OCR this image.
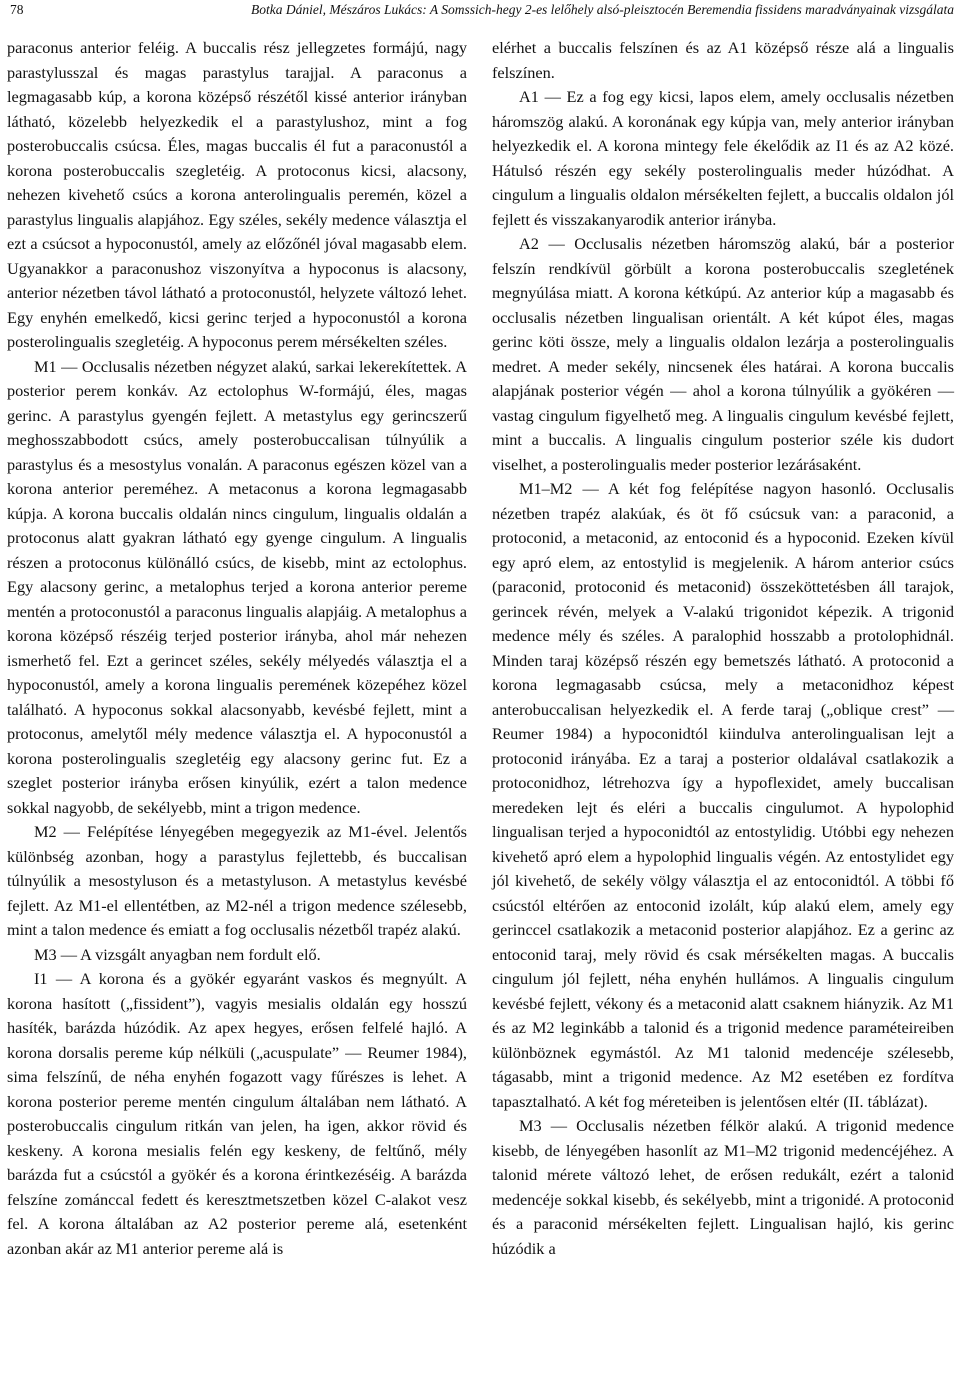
78	Botka Dániel, Mészáros Lukács: A Somssich-hegy 2-es lelőhely alsó-pleisztocén Beremendia fissidens maradványainak vizsgálata

paraconus anterior feléig. A buccalis rész jellegzetes formájú, nagy parastylusszal és magas parastylus tarajjal. A paraconus a legmagasabb kúp, a korona középső részétől kissé anterior irányban látható, közelebb helyezkedik el a parastylushoz, mint a fog posterobuccalis csúcsa. Éles, magas buccalis él fut a paraconustól a korona posterobuccalis szegletéig. A protoconus kicsi, alacsony, nehezen kivehető csúcs a korona anterolingualis peremén, közel a parastylus lingualis alapjához. Egy széles, sekély medence választja el ezt a csúcsot a hypoconustól, amely az előzőnél jóval magasabb elem. Ugyanakkor a paraconushoz viszonyítva a hypoconus is alacsony, anterior nézetben távol látható a protoconustól, helyzete változó lehet. Egy enyhén emelkedő, kicsi gerinc terjed a hypoconustól a korona posterolingualis szegletéig. A hypoconus perem mérsékelten széles.

M1 — Occlusalis nézetben négyzet alakú, sarkai lekerekítettek. A posterior perem konkáv. Az ectolophus W-formájú, éles, magas gerinc. A parastylus gyengén fejlett. A metastylus egy gerincszerű meghosszabbodott csúcs, amely posterobuccalisan túlnyúlik a parastylus és a mesostylus vonalán. A paraconus egészen közel van a korona anterior pereméhez. A metaconus a korona legmagasabb kúpja. A korona buccalis oldalán nincs cingulum, lingualis oldalán a protoconus alatt gyakran látható egy gyenge cingulum. A lingualis részen a protoconus különálló csúcs, de kisebb, mint az ectolophus. Egy alacsony gerinc, a metalophus terjed a korona anterior pereme mentén a protoconustól a paraconus lingualis alapjáig. A metalophus a korona középső részéig terjed posterior irányba, ahol már nehezen ismerhető fel. Ezt a gerincet széles, sekély mélyedés választja el a hypoconustól, amely a korona lingualis peremének közepéhez közel található. A hypoconus sokkal alacsonyabb, kevésbé fejlett, mint a protoconus, amelytől mély medence választja el. A hypoconustól a korona posterolingualis szegletéig egy alacsony gerinc fut. Ez a szeglet posterior irányba erősen kinyúlik, ezért a talon medence sokkal nagyobb, de sekélyebb, mint a trigon medence.

M2 — Felépítése lényegében megegyezik az M1-ével. Jelentős különbség azonban, hogy a parastylus fejlettebb, és buccalisan túlnyúlik a mesostyluson és a metastyluson. A metastylus kevésbé fejlett. Az M1-el ellentétben, az M2-nél a trigon medence szélesebb, mint a talon medence és emiatt a fog occlusalis nézetből trapéz alakú.

M3 — A vizsgált anyagban nem fordult elő.

I1 — A korona és a gyökér egyaránt vaskos és megnyúlt. A korona hasított („fissident”), vagyis mesialis oldalán egy hosszú hasíték, barázda húzódik. Az apex hegyes, erősen felfelé hajló. A korona dorsalis pereme kúp nélküli („acuspulate” — Reumer 1984), sima felszínű, de néha enyhén fogazott vagy fűrészes is lehet. A korona posterior pereme mentén cingulum általában nem látható. A posterobuccalis cingulum ritkán van jelen, ha igen, akkor rövid és keskeny. A korona mesialis felén egy keskeny, de feltűnő, mély barázda fut a csúcstól a gyökér és a korona érintkezéséig. A barázda felszíne zománccal fedett és keresztmetszetben közel C-alakot vesz fel. A korona általában az A2 posterior pereme alá, esetenként azonban akár az M1 anterior pereme alá is

elérhet a buccalis felszínen és az A1 középső része alá a lingualis felszínen.

A1 — Ez a fog egy kicsi, lapos elem, amely occlusalis nézetben háromszög alakú. A koronának egy kúpja van, mely anterior irányban helyezkedik el. A korona mintegy fele ékelődik az I1 és az A2 közé. Hátulsó részén egy sekély posterolingualis meder húzódhat. A cingulum a lingualis oldalon mérsékelten fejlett, a buccalis oldalon jól fejlett és visszakanyarodik anterior irányba.

A2 — Occlusalis nézetben háromszög alakú, bár a posterior felszín rendkívül görbült a korona posterobuccalis szegletének megnyúlása miatt. A korona kétkúpú. Az anterior kúp a magasabb és occlusalis nézetben lingualisan orientált. A két kúpot éles, magas gerinc köti össze, mely a lingualis oldalon lezárja a posterolingualis medret. A meder sekély, nincsenek éles határai. A korona buccalis alapjának posterior végén — ahol a korona túlnyúlik a gyökéren — vastag cingulum figyelhető meg. A lingualis cingulum kevésbé fejlett, mint a buccalis. A lingualis cingulum posterior széle kis dudort viselhet, a posterolingualis meder posterior lezárásaként.

M1–M2 — A két fog felépítése nagyon hasonló. Occlusalis nézetben trapéz alakúak, és öt fő csúcsuk van: a paraconid, a protoconid, a metaconid, az entoconid és a hypoconid. Ezeken kívül egy apró elem, az entostylid is megjelenik. A három anterior csúcs (paraconid, protoconid és metaconid) összeköttetésben áll tarajok, gerincek révén, melyek a V-alakú trigonidot képezik. A trigonid medence mély és széles. A paralophid hosszabb a protolophidnál. Minden taraj középső részén egy bemetszés látható. A protoconid a korona legmagasabb csúcsa, mely a metaconidhoz képest anterobuccalisan helyezkedik el. A ferde taraj („oblique crest” — Reumer 1984) a hypoconidtól kiindulva anterolingualisan lejt a protoconid irányába. Ez a taraj a posterior oldalával csatlakozik a protoconidhoz, létrehozva így a hypoflexidet, amely buccalisan meredeken lejt és eléri a buccalis cingulumot. A hypolophid lingualisan terjed a hypoconidtól az entostylidig. Utóbbi egy nehezen kivehető apró elem a hypolophid lingualis végén. Az entostylidet egy jól kivehető, de sekély völgy választja el az entoconidtól. A többi fő csúcstól eltérően az entoconid izolált, kúp alakú elem, amely egy gerinccel csatlakozik a metaconid posterior alapjához. Ez a gerinc az entoconid taraj, mely rövid és csak mérsékelten magas. A buccalis cingulum jól fejlett, néha enyhén hullámos. A lingualis cingulum kevésbé fejlett, vékony és a metaconid alatt csaknem hiányzik. Az M1 és az M2 leginkább a talonid és a trigonid medence paraméteireiben különböznek egymástól. Az M1 talonid medencéje szélesebb, tágasabb, mint a trigonid medence. Az M2 esetében ez fordítva tapasztalható. A két fog méreteiben is jelentősen eltér (II. táblázat).

M3 — Occlusalis nézetben félkör alakú. A trigonid medence kisebb, de lényegében hasonlít az M1–M2 trigonid medencéjéhez. A talonid mérete változó lehet, de erősen redukált, ezért a talonid medencéje sokkal kisebb, és sekélyebb, mint a trigonidé. A protoconid és a paraconid mérsékelten fejlett. Lingualisan hajló, kis gerinc húzódik a
